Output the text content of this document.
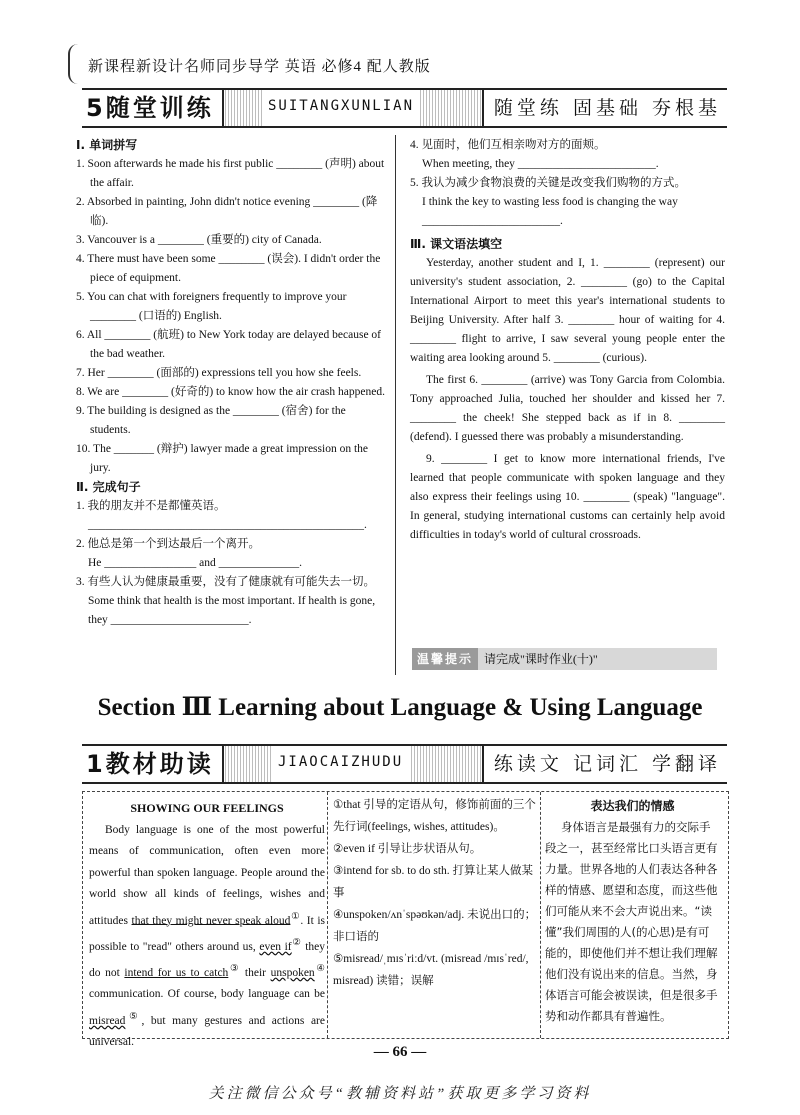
新课程新设计名师同步导学 英语 必修4 配人教版
5随堂训练	SUITANGXUNLIAN	随堂练 固基础 夯根基

Ⅰ. 单词拼写

1. Soon afterwards he made his first public ________ (声明) about the affair.

2. Absorbed in painting, John didn't notice evening ________ (降临).

3. Vancouver is a ________ (重要的) city of Canada.

4. There must have been some ________ (误会). I didn't order the piece of equipment.

5. You can chat with foreigners frequently to improve your ________ (口语的) English.

6. All ________ (航班) to New York today are delayed because of the bad weather.

7. Her ________ (面部的) expressions tell you how she feels.

8. We are ________ (好奇的) to know how the air crash happened.

9. The building is designed as the ________ (宿舍) for the students.

10. The _______ (辩护) lawyer made a great impression on the jury.

Ⅱ. 完成句子

1. 我的朋友并不是都懂英语。

________________________________________________.

2. 他总是第一个到达最后一个离开。

He ________________ and ______________.

3. 有些人认为健康最重要，没有了健康就有可能失去一切。

Some think that health is the most important. If health is gone, they ________________________.

4. 见面时，他们互相亲吻对方的面颊。

When meeting, they ________________________.

5. 我认为减少食物浪费的关键是改变我们购物的方式。

I think the key to wasting less food is changing the way ________________________.

Ⅲ. 课文语法填空

Yesterday, another student and I, 1. ________ (represent) our university's student association, 2. ________ (go) to the Capital International Airport to meet this year's international students to Beijing University. After half 3. ________ hour of waiting for 4. ________ flight to arrive, I saw several young people enter the waiting area looking around 5. ________ (curious).

The first 6. ________ (arrive) was Tony Garcia from Colombia. Tony approached Julia, touched her shoulder and kissed her 7. ________ the cheek! She stepped back as if in 8. ________ (defend). I guessed there was probably a misunderstanding.

9. ________ I get to know more international friends, I've learned that people communicate with spoken language and they also express their feelings using 10. ________ (speak) "language". In general, studying international customs can certainly help avoid difficulties in today's world of cultural crossroads.

温馨提示 请完成"课时作业(十)"
Section Ⅲ Learning about Language & Using Language
1教材助读	JIAOCAIZHUDU	练读文 记词汇 学翻译
SHOWING OUR FEELINGS
Body language is one of the most powerful means of communication, often even more powerful than spoken language. People around the world show all kinds of feelings, wishes and attitudes that they might never speak aloud①. It is possible to "read" others around us, even if② they do not intend for us to catch③ their unspoken④ communication. Of course, body language can be misread⑤, but many gestures and actions are universal.
①that 引导的定语从句，修饰前面的三个先行词(feelings, wishes, attitudes)。
②even if 引导让步状语从句。
③intend for sb. to do sth. 打算让某人做某事
④unspoken/ʌnˈspəʊkən/adj. 未说出口的；非口语的
⑤misread/ˌmɪsˈriːd/vt. (misread /mɪsˈred/, misread) 读错；误解
表达我们的情感
身体语言是最强有力的交际手段之一，甚至经常比口头语言更有力量。世界各地的人们表达各种各样的情感、愿望和态度，而这些他们可能从来不会大声说出来。“读懂”我们周围的人(的心思)是有可能的，即使他们并不想让我们理解他们没有说出来的信息。当然，身体语言可能会被误读，但是很多手势和动作都具有普遍性。
— 66 —
关注微信公众号“教辅资料站”获取更多学习资料
